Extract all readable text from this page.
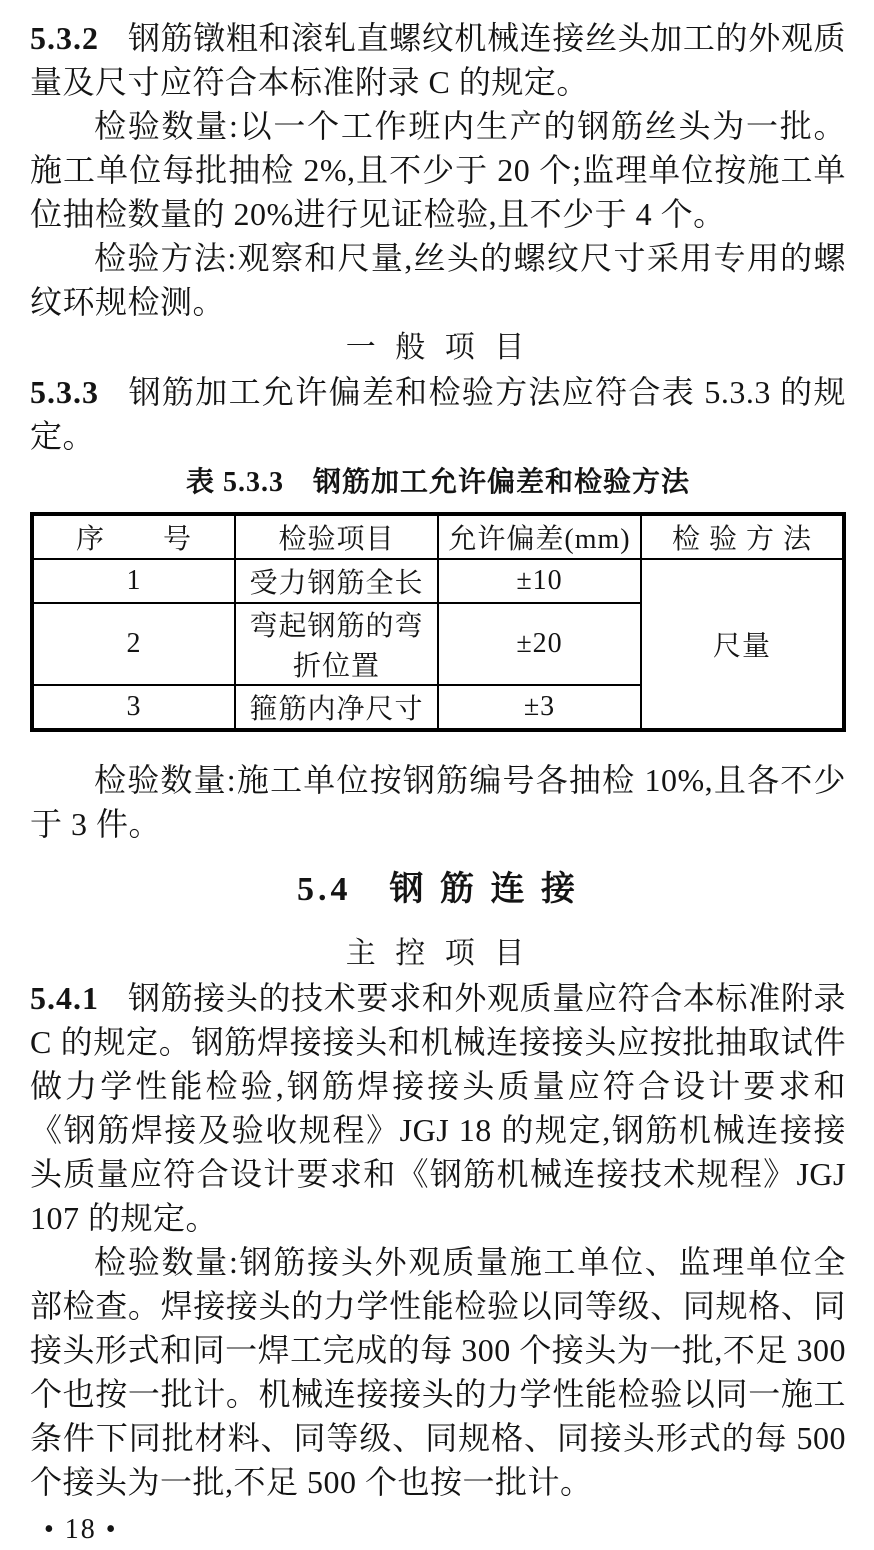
5.3.2 钢筋镦粗和滚轧直螺纹机械连接丝头加工的外观质量及尺寸应符合本标准附录 C 的规定。

检验数量:以一个工作班内生产的钢筋丝头为一批。施工单位每批抽检 2%,且不少于 20 个;监理单位按施工单位抽检数量的 20%进行见证检验,且不少于 4 个。

检验方法:观察和尺量,丝头的螺纹尺寸采用专用的螺纹环规检测。

一 般 项 目

5.3.3 钢筋加工允许偏差和检验方法应符合表 5.3.3 的规定。

表 5.3.3　钢筋加工允许偏差和检验方法
序　　号	检验项目	允许偏差(mm)	检 验 方 法
1	受力钢筋全长	±10	尺量
2	弯起钢筋的弯折位置	±20	
3	箍筋内净尺寸	±3	

检验数量:施工单位按钢筋编号各抽检 10%,且各不少于 3 件。

5.4　钢 筋 连 接
主 控 项 目

5.4.1 钢筋接头的技术要求和外观质量应符合本标准附录 C 的规定。钢筋焊接接头和机械连接接头应按批抽取试件做力学性能检验,钢筋焊接接头质量应符合设计要求和《钢筋焊接及验收规程》JGJ 18 的规定,钢筋机械连接接头质量应符合设计要求和《钢筋机械连接技术规程》JGJ 107 的规定。

检验数量:钢筋接头外观质量施工单位、监理单位全部检查。焊接接头的力学性能检验以同等级、同规格、同接头形式和同一焊工完成的每 300 个接头为一批,不足 300 个也按一批计。机械连接接头的力学性能检验以同一施工条件下同批材料、同等级、同规格、同接头形式的每 500 个接头为一批,不足 500 个也按一批计。

• 18 •
